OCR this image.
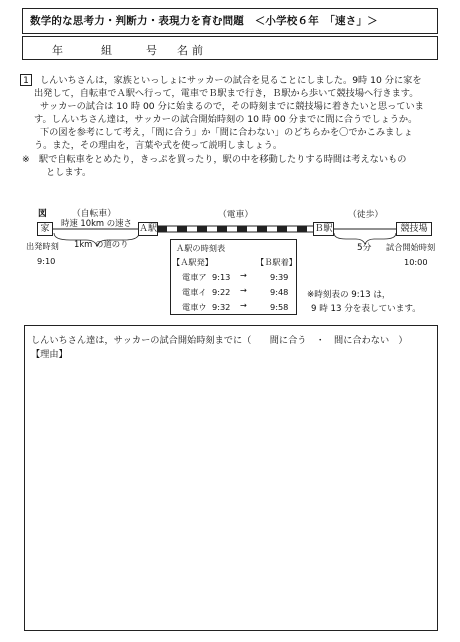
数学的な思考力・判断力・表現力を育む問題　＜小学校６年　「速さ」＞
年	組	号 名前
1	しんいちさんは，家族といっしょにサッカーの試合を見ることにしました。9時 10 分に家を
出発して，自転車でＡ駅へ行って，電車でＢ駅まで行き，Ｂ駅から歩いて競技場へ行きます。
サッカーの試合は 10 時 00 分に始まるので，その時刻までに競技場に着きたいと思っていま
す。しんいちさん達は，サッカーの試合開始時刻の 10 時 00 分までに間に合うでしょうか。
下の図を参考にして考え，「間に合う」か「間に合わない」のどちらかを〇でかこみましょ
う。また，その理由を，言葉や式を使って説明しましょう。
※　駅で自転車をとめたり，きっぷを買ったり，駅の中を移動したりする時間は考えないもの
とします。
図	（自転車）
時速 10km の速さ
家	Ａ駅
（電車）
Ｂ駅
（徒歩）
競技場
1km の道のり	5分
出発時刻
9:10
試合開始時刻
10:00
Ａ駅の時刻表
【Ａ駅発】	【Ｂ駅着】
電車ア 9:13 →	9:39
電車イ 9:22 →	9:48
電車ウ 9:32 →	9:58
※時刻表の 9:13 は，
9 時 13 分を表しています。
しんいちさん達は，サッカーの試合開始時刻までに（　　間に合う　・　間に合わない　）
【理由】
